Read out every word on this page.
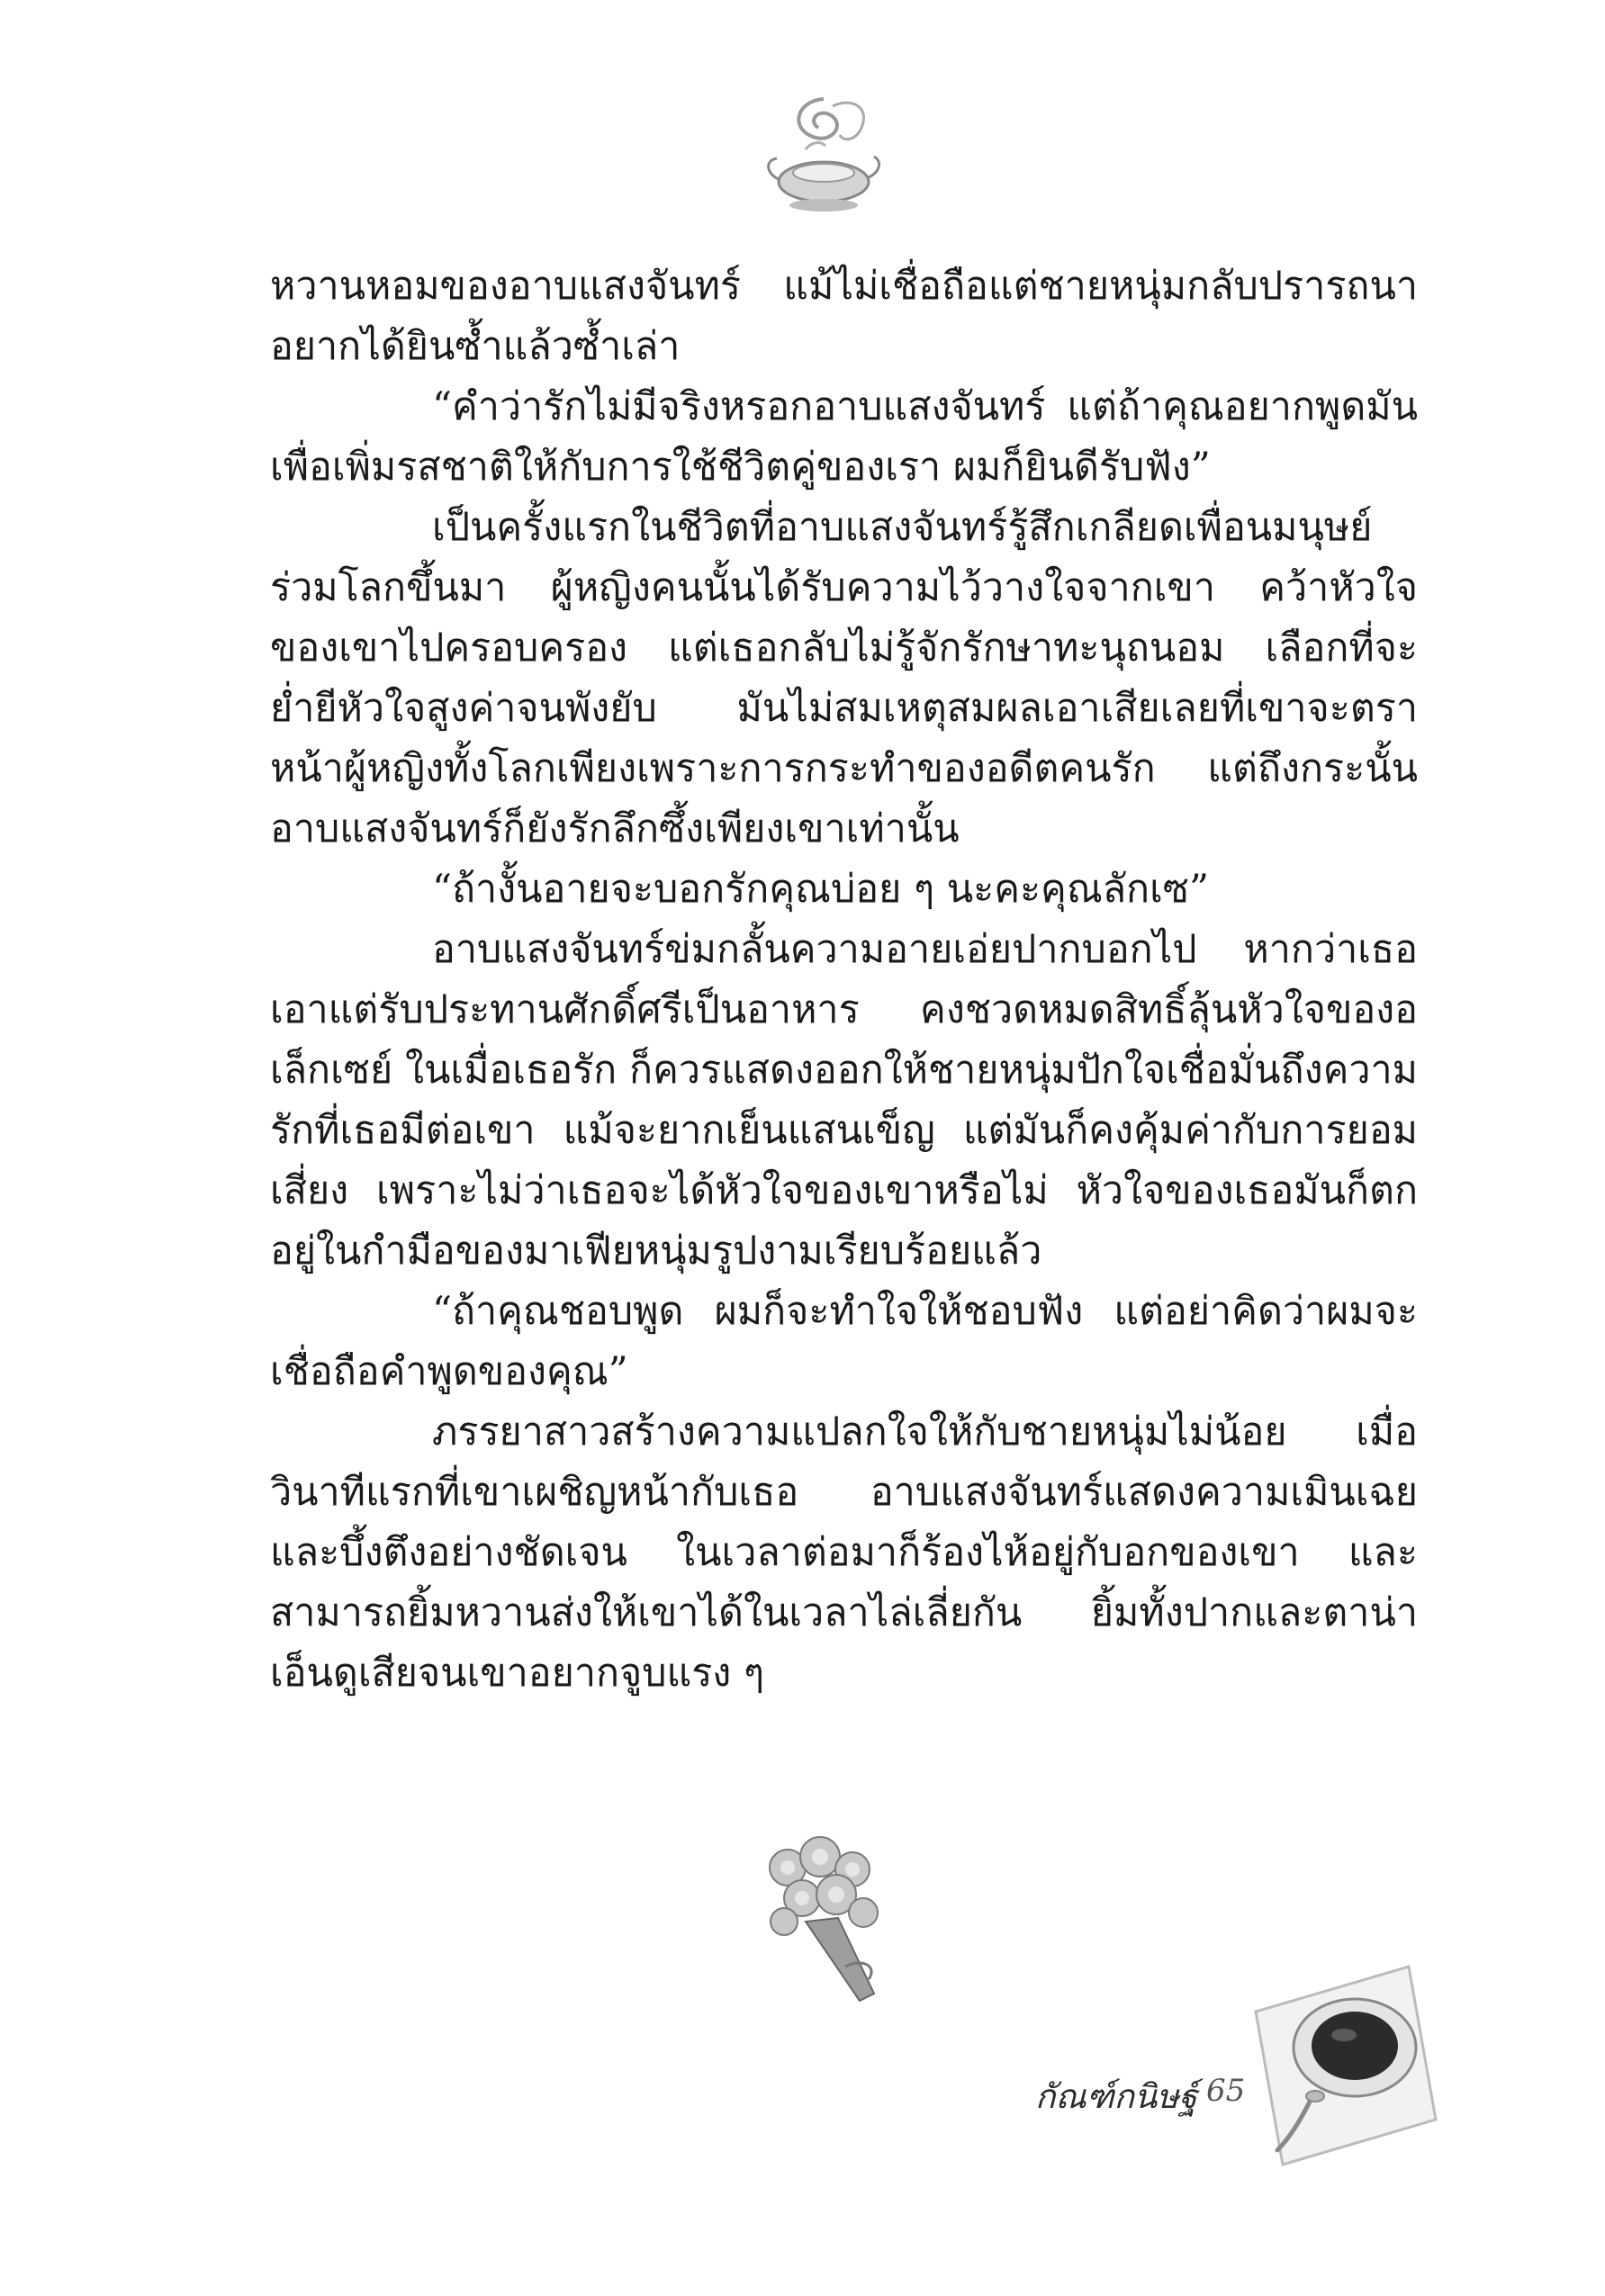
หวานหอมของอาบแสงจันทร์ แม้ไม่เชื่อถือแต่ชายหนุ่มกลับปรารถนาอยากได้ยินซ้ำแล้วซ้ำเล่า

“คำว่ารักไม่มีจริงหรอกอาบแสงจันทร์ แต่ถ้าคุณอยากพูดมันเพื่อเพิ่มรสชาติให้กับการใช้ชีวิตคู่ของเรา ผมก็ยินดีรับฟัง”

เป็นครั้งแรกในชีวิตที่อาบแสงจันทร์รู้สึกเกลียดเพื่อนมนุษย์ร่วมโลกขึ้นมา ผู้หญิงคนนั้นได้รับความไว้วางใจจากเขา คว้าหัวใจของเขาไปครอบครอง แต่เธอกลับไม่รู้จักรักษาทะนุถนอม เลือกที่จะย่ำยีหัวใจสูงค่าจนพังยับ มันไม่สมเหตุสมผลเอาเสียเลยที่เขาจะตราหน้าผู้หญิงทั้งโลกเพียงเพราะการกระทำของอดีตคนรัก แต่ถึงกระนั้นอาบแสงจันทร์ก็ยังรักลึกซึ้งเพียงเขาเท่านั้น

“ถ้างั้นอายจะบอกรักคุณบ่อย ๆ นะคะคุณลักเซ”

อาบแสงจันทร์ข่มกลั้นความอายเอ่ยปากบอกไป หากว่าเธอเอาแต่รับประทานศักดิ์ศรีเป็นอาหาร คงชวดหมดสิทธิ์ลุ้นหัวใจของอเล็กเซย์ ในเมื่อเธอรัก ก็ควรแสดงออกให้ชายหนุ่มปักใจเชื่อมั่นถึงความรักที่เธอมีต่อเขา แม้จะยากเย็นแสนเข็ญ แต่มันก็คงคุ้มค่ากับการยอมเสี่ยง เพราะไม่ว่าเธอจะได้หัวใจของเขาหรือไม่ หัวใจของเธอมันก็ตกอยู่ในกำมือของมาเฟียหนุ่มรูปงามเรียบร้อยแล้ว

“ถ้าคุณชอบพูด ผมก็จะทำใจให้ชอบฟัง แต่อย่าคิดว่าผมจะเชื่อถือคำพูดของคุณ”

ภรรยาสาวสร้างความแปลกใจให้กับชายหนุ่มไม่น้อย เมื่อวินาทีแรกที่เขาเผชิญหน้ากับเธอ อาบแสงจันทร์แสดงความเมินเฉยและบึ้งตึงอย่างชัดเจน ในเวลาต่อมาก็ร้องไห้อยู่กับอกของเขา และสามารถยิ้มหวานส่งให้เขาได้ในเวลาไล่เลี่ยกัน ยิ้มทั้งปากและตาน่าเอ็นดูเสียจนเขาอยากจูบแรง ๆ

กัณฑ์กนิษฐ์ 65
